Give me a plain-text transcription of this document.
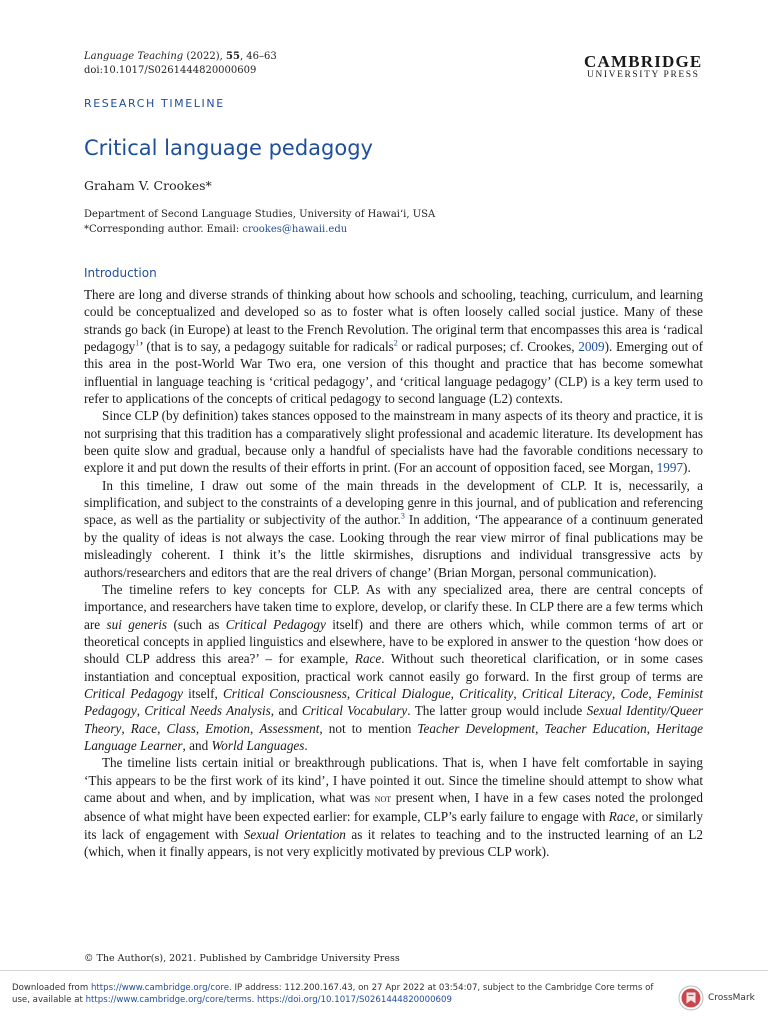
Language Teaching (2022), 55, 46–63
doi:10.1017/S0261444820000609	CAMBRIDGE
UNIVERSITY PRESS
RESEARCH TIMELINE
Critical language pedagogy
Graham V. Crookes*
Department of Second Language Studies, University of Hawai‘i, USA
*Corresponding author. Email: crookes@hawaii.edu
Introduction

There are long and diverse strands of thinking about how schools and schooling, teaching, curriculum, and learning could be conceptualized and developed so as to foster what is often loosely called social justice. Many of these strands go back (in Europe) at least to the French Revolution. The original term that encompasses this area is ‘radical pedagogy$^1$’ (that is to say, a pedagogy suitable for radicals$^2$ or radical purposes; cf. Crookes, 2009). Emerging out of this area in the post-World War Two era, one version of this thought and practice that has become somewhat influential in language teaching is ‘critical pedagogy’, and ‘critical language pedagogy’ (CLP) is a key term used to refer to applications of the concepts of critical pedagogy to second language (L2) contexts.

Since CLP (by definition) takes stances opposed to the mainstream in many aspects of its theory and practice, it is not surprising that this tradition has a comparatively slight professional and academic literature. Its development has been quite slow and gradual, because only a handful of specialists have had the favorable conditions necessary to explore it and put down the results of their efforts in print. (For an account of opposition faced, see Morgan, 1997).

In this timeline, I draw out some of the main threads in the development of CLP. It is, necessarily, a simplification, and subject to the constraints of a developing genre in this journal, and of publication and referencing space, as well as the partiality or subjectivity of the author.$^3$ In addition, ‘The appearance of a continuum generated by the quality of ideas is not always the case. Looking through the rear view mirror of final publications may be misleadingly coherent. I think it’s the little skirmishes, disruptions and individual transgressive acts by authors/researchers and editors that are the real drivers of change’ (Brian Morgan, personal communication).

The timeline refers to key concepts for CLP. As with any specialized area, there are central concepts of importance, and researchers have taken time to explore, develop, or clarify these. In CLP there are a few terms which are sui generis (such as Critical Pedagogy itself) and there are others which, while common terms of art or theoretical concepts in applied linguistics and elsewhere, have to be explored in answer to the question ‘how does or should CLP address this area?’ – for example, Race. Without such theoretical clarification, or in some cases instantiation and conceptual exposition, practical work cannot easily go forward. In the first group of terms are Critical Pedagogy itself, Critical Consciousness, Critical Dialogue, Criticality, Critical Literacy, Code, Feminist Pedagogy, Critical Needs Analysis, and Critical Vocabulary. The latter group would include Sexual Identity/Queer Theory, Race, Class, Emotion, Assessment, not to mention Teacher Development, Teacher Education, Heritage Language Learner, and World Languages.

The timeline lists certain initial or breakthrough publications. That is, when I have felt comfortable in saying ‘This appears to be the first work of its kind’, I have pointed it out. Since the timeline should attempt to show what came about and when, and by implication, what was not present when, I have in a few cases noted the prolonged absence of what might have been expected earlier: for example, CLP’s early failure to engage with Race, or similarly its lack of engagement with Sexual Orientation as it relates to teaching and to the instructed learning of an L2 (which, when it finally appears, is not very explicitly motivated by previous CLP work).

© The Author(s), 2021. Published by Cambridge University Press
Downloaded from https://www.cambridge.org/core. IP address: 112.200.167.43, on 27 Apr 2022 at 03:54:07, subject to the Cambridge Core terms of use, available at https://www.cambridge.org/core/terms. https://doi.org/10.1017/S0261444820000609	CrossMark
